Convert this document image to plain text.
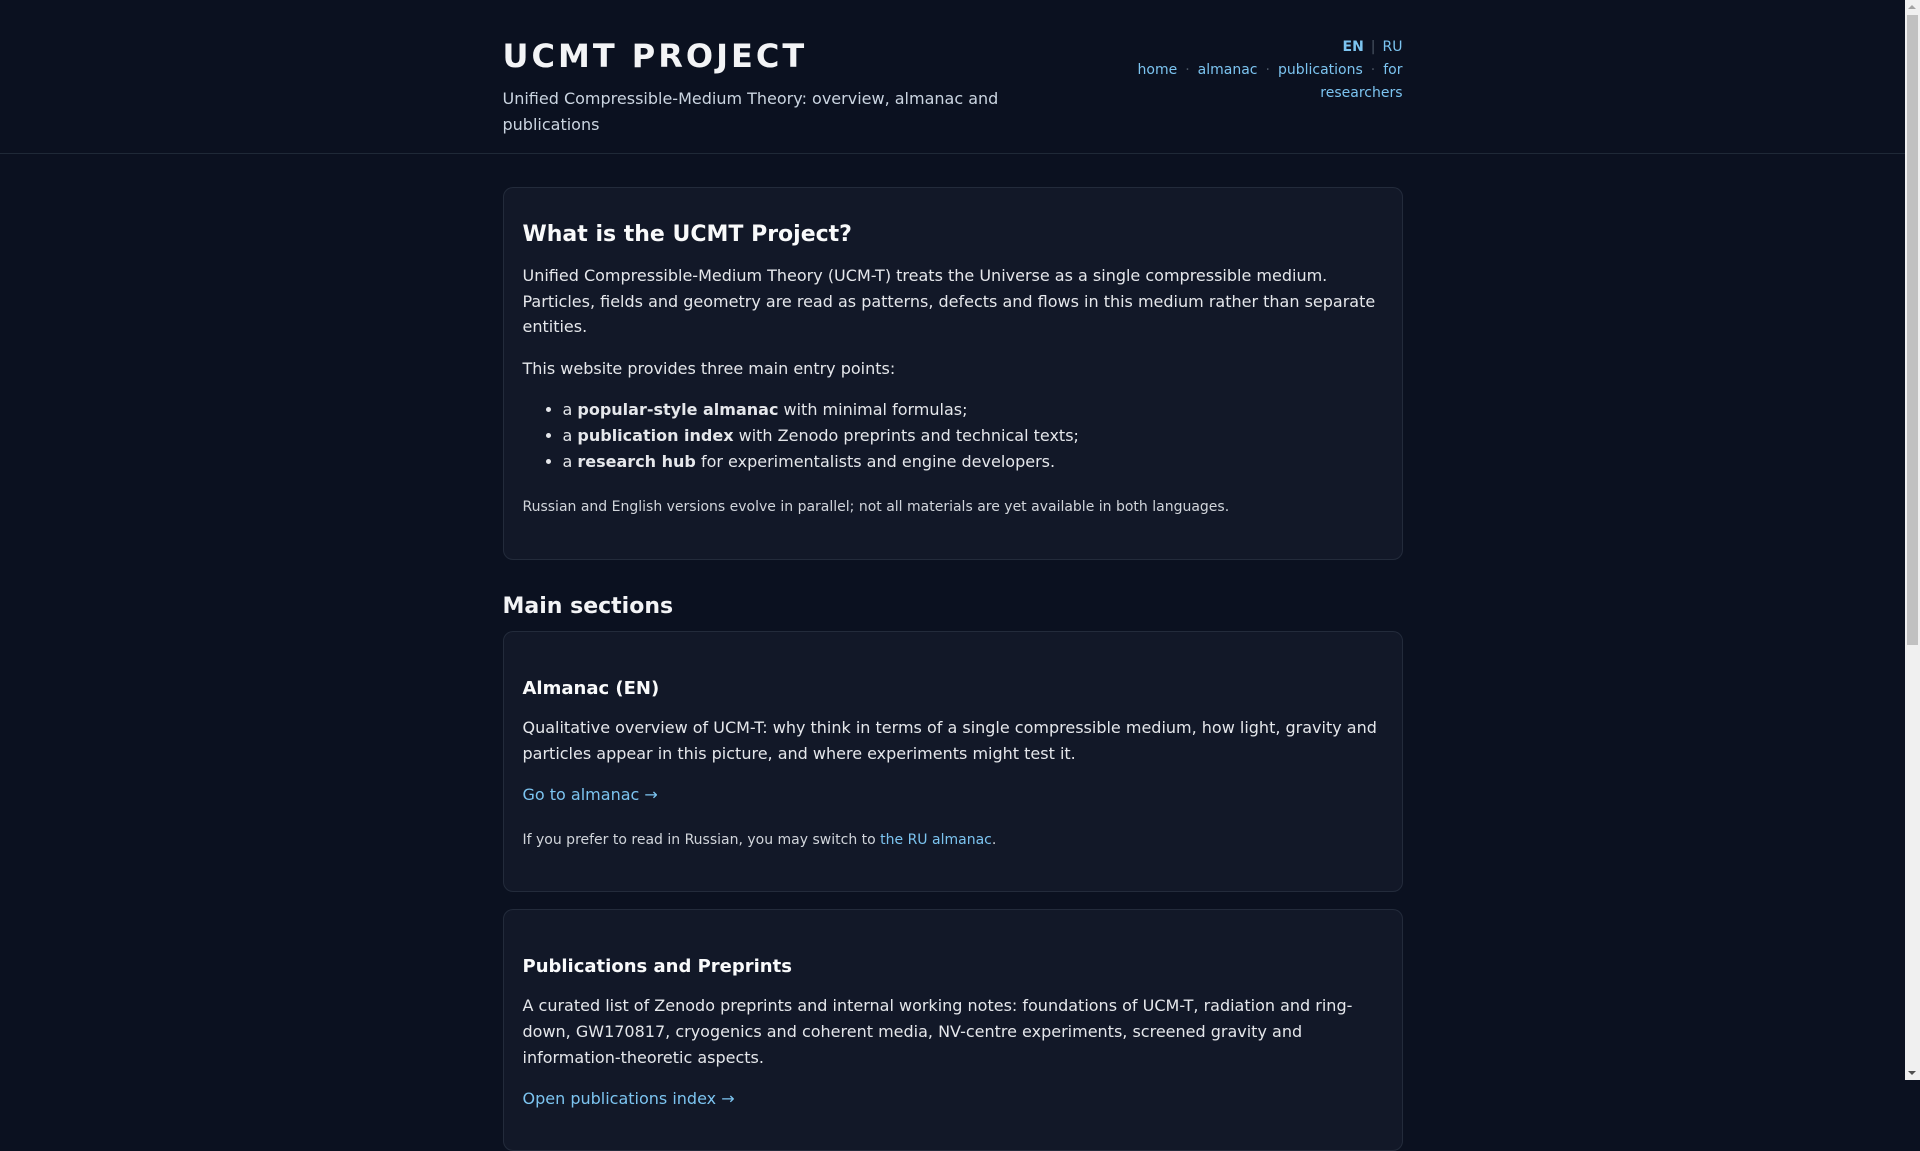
UCMT PROJECT
Unified Compressible-Medium Theory: overview, almanac and publications
EN | RU
home · almanac · publications · for researchers
What is the UCMT Project?

Unified Compressible-Medium Theory (UCM-T) treats the Universe as a single compressible medium. Particles, fields and geometry are read as patterns, defects and flows in this medium rather than separate entities.

This website provides three main entry points:

• a popular-style almanac with minimal formulas;
• a publication index with Zenodo preprints and technical texts;
• a research hub for experimentalists and engine developers.

Russian and English versions evolve in parallel; not all materials are yet available in both languages.

Main sections
Almanac (EN)

Qualitative overview of UCM-T: why think in terms of a single compressible medium, how light, gravity and particles appear in this picture, and where experiments might test it.

Go to almanac →

If you prefer to read in Russian, you may switch to the RU almanac.

Publications and Preprints

A curated list of Zenodo preprints and internal working notes: foundations of UCM-T, radiation and ring-down, GW170817, cryogenics and coherent media, NV-centre experiments, screened gravity and information-theoretic aspects.

Open publications index →
